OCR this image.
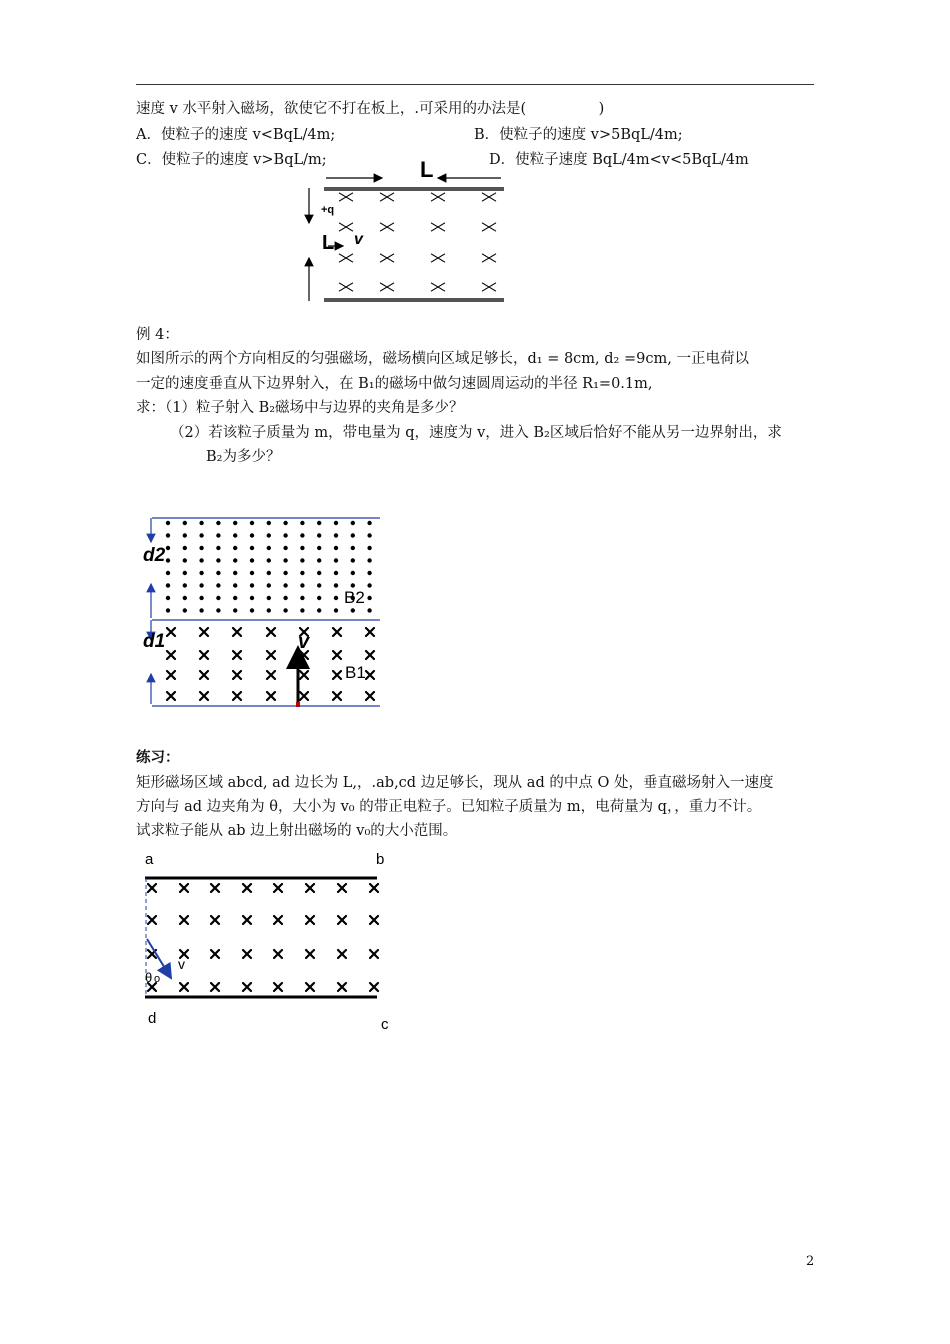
速度 v 水平射入磁场，欲使它不打在板上，.可采用的办法是(　　　　　)
A．使粒子的速度 v<BqL/4m;	B．使粒子的速度 v>5BqL/4m;
C．使粒子的速度 v>BqL/m;	D．使粒子速度 BqL/4m<v<5BqL/4m
L
+q
L v
例 4：
如图所示的两个方向相反的匀强磁场，磁场横向区域足够长，d₁ = 8cm, d₂ =9cm, 一正电荷以
一定的速度垂直从下边界射入，在 B₁的磁场中做匀速圆周运动的半径 R₁=0.1m,
求：（1）粒子射入 B₂磁场中与边界的夹角是多少？
（2）若该粒子质量为 m，带电量为 q，速度为 v，进入 B₂区域后恰好不能从另一边界射出，求
B₂为多少？
d2
d1
B2
B1
v
练习：
矩形磁场区域 abcd, ad 边长为 L,，.ab,cd 边足够长，现从 ad 的中点 O 处，垂直磁场射入一速度
方向与 ad 边夹角为 θ，大小为 v₀ 的带正电粒子。已知粒子质量为 m，电荷量为 q，，重力不计。
试求粒子能从 ab 边上射出磁场的 v₀的大小范围。
a	b
d	c
v
θ o
2
